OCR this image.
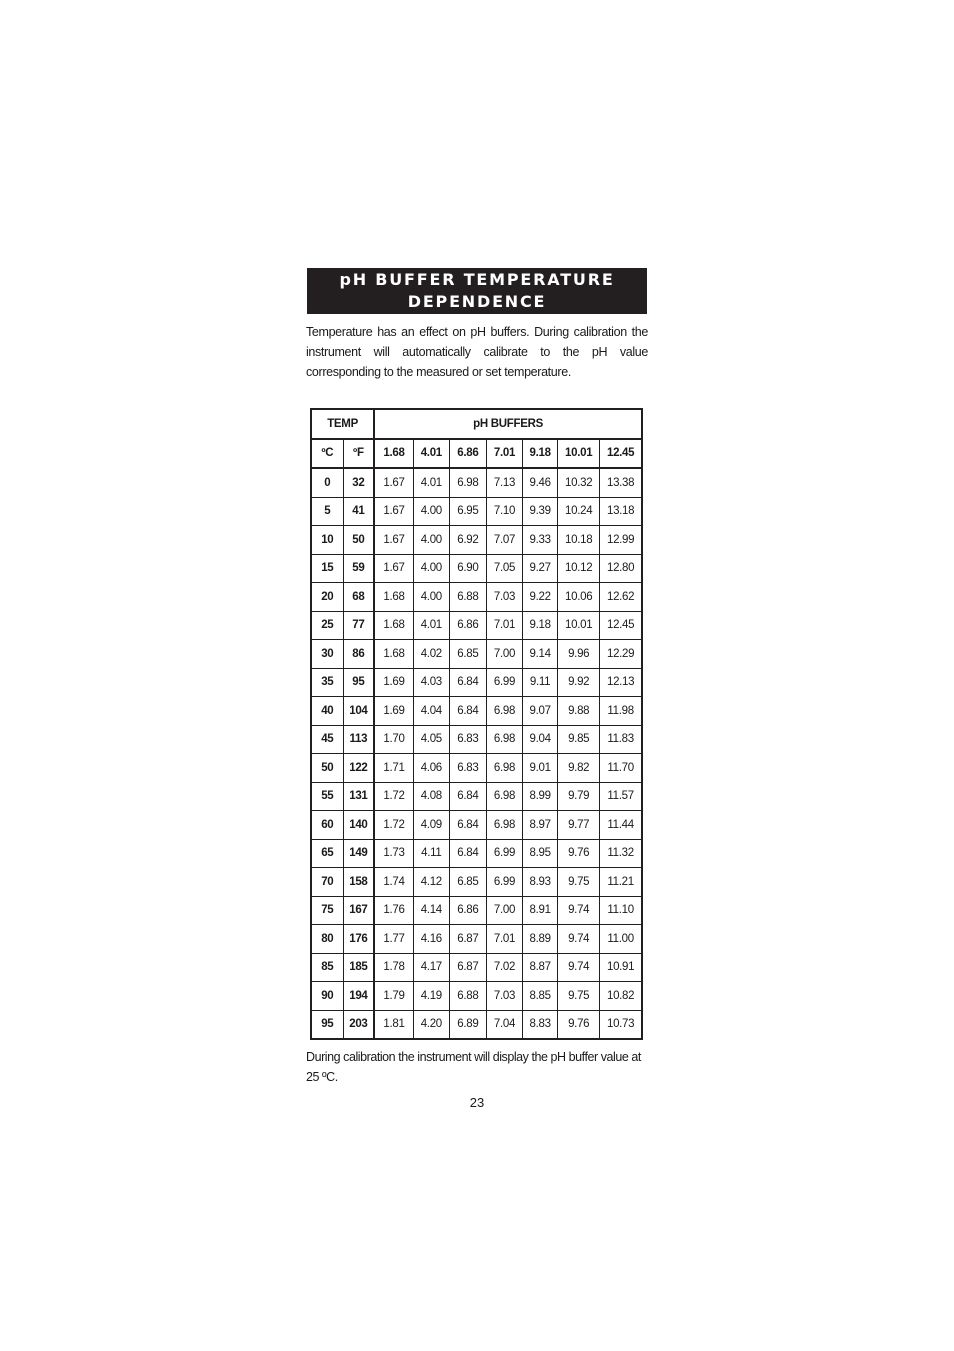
pH BUFFER TEMPERATURE
DEPENDENCE

Temperature has an effect on pH buffers. During calibration the instrument will automatically calibrate to the pH value corresponding to the measured or set temperature.

TEMP		pH BUFFERS						
ºC	ºF	1.68	4.01	6.86	7.01	9.18	10.01	12.45
0	32	1.67	4.01	6.98	7.13	9.46	10.32	13.38
5	41	1.67	4.00	6.95	7.10	9.39	10.24	13.18
10	50	1.67	4.00	6.92	7.07	9.33	10.18	12.99
15	59	1.67	4.00	6.90	7.05	9.27	10.12	12.80
20	68	1.68	4.00	6.88	7.03	9.22	10.06	12.62
25	77	1.68	4.01	6.86	7.01	9.18	10.01	12.45
30	86	1.68	4.02	6.85	7.00	9.14	9.96	12.29
35	95	1.69	4.03	6.84	6.99	9.11	9.92	12.13
40	104	1.69	4.04	6.84	6.98	9.07	9.88	11.98
45	113	1.70	4.05	6.83	6.98	9.04	9.85	11.83
50	122	1.71	4.06	6.83	6.98	9.01	9.82	11.70
55	131	1.72	4.08	6.84	6.98	8.99	9.79	11.57
60	140	1.72	4.09	6.84	6.98	8.97	9.77	11.44
65	149	1.73	4.11	6.84	6.99	8.95	9.76	11.32
70	158	1.74	4.12	6.85	6.99	8.93	9.75	11.21
75	167	1.76	4.14	6.86	7.00	8.91	9.74	11.10
80	176	1.77	4.16	6.87	7.01	8.89	9.74	11.00
85	185	1.78	4.17	6.87	7.02	8.87	9.74	10.91
90	194	1.79	4.19	6.88	7.03	8.85	9.75	10.82
95	203	1.81	4.20	6.89	7.04	8.83	9.76	10.73

During calibration the instrument will display the pH buffer value at 25 ºC.

23
